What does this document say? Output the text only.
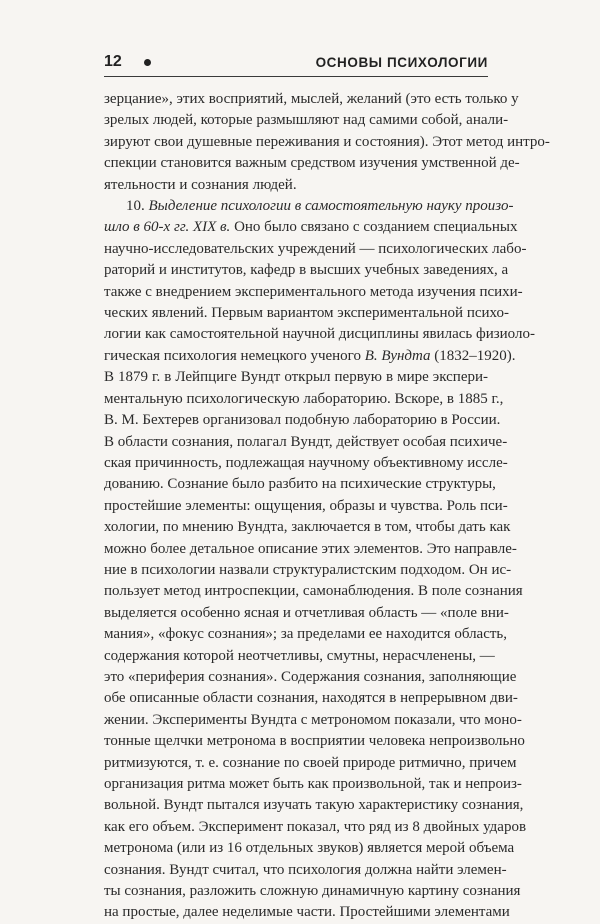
12	ОСНОВЫ ПСИХОЛОГИИ
зерцание», этих восприятий, мыслей, желаний (это есть только у
зрелых людей, которые размышляют над самими собой, анали-
зируют свои душевные переживания и состояния). Этот метод интро-
спекции становится важным средством изучения умственной де-
ятельности и сознания людей.
10. Выделение психологии в самостоятельную науку произо-
шло в 60-х гг. XIX в. Оно было связано с созданием специальных
научно-исследовательских учреждений — психологических лабо-
раторий и институтов, кафедр в высших учебных заведениях, а
также с внедрением экспериментального метода изучения психи-
ческих явлений. Первым вариантом экспериментальной психо-
логии как самостоятельной научной дисциплины явилась физиоло-
гическая психология немецкого ученого В. Вундта (1832–1920).
В 1879 г. в Лейпциге Вундт открыл первую в мире экспери-
ментальную психологическую лабораторию. Вскоре, в 1885 г.,
В. М. Бехтерев организовал подобную лабораторию в России.
В области сознания, полагал Вундт, действует особая психиче-
ская причинность, подлежащая научному объективному иссле-
дованию. Сознание было разбито на психические структуры,
простейшие элементы: ощущения, образы и чувства. Роль пси-
хологии, по мнению Вундта, заключается в том, чтобы дать как
можно более детальное описание этих элементов. Это направле-
ние в психологии назвали структуралистским подходом. Он ис-
пользует метод интроспекции, самонаблюдения. В поле сознания
выделяется особенно ясная и отчетливая область — «поле вни-
мания», «фокус сознания»; за пределами ее находится область,
содержания которой неотчетливы, смутны, нерасчленены, —
это «периферия сознания». Содержания сознания, заполняющие
обе описанные области сознания, находятся в непрерывном дви-
жении. Эксперименты Вундта с метрономом показали, что моно-
тонные щелчки метронома в восприятии человека непроизвольно
ритмизуются, т. е. сознание по своей природе ритмично, причем
организация ритма может быть как произвольной, так и непроиз-
вольной. Вундт пытался изучать такую характеристику сознания,
как его объем. Эксперимент показал, что ряд из 8 двойных ударов
метронома (или из 16 отдельных звуков) является мерой объема
сознания. Вундт считал, что психология должна найти элемен-
ты сознания, разложить сложную динамичную картину сознания
на простые, далее неделимые части. Простейшими элементами
